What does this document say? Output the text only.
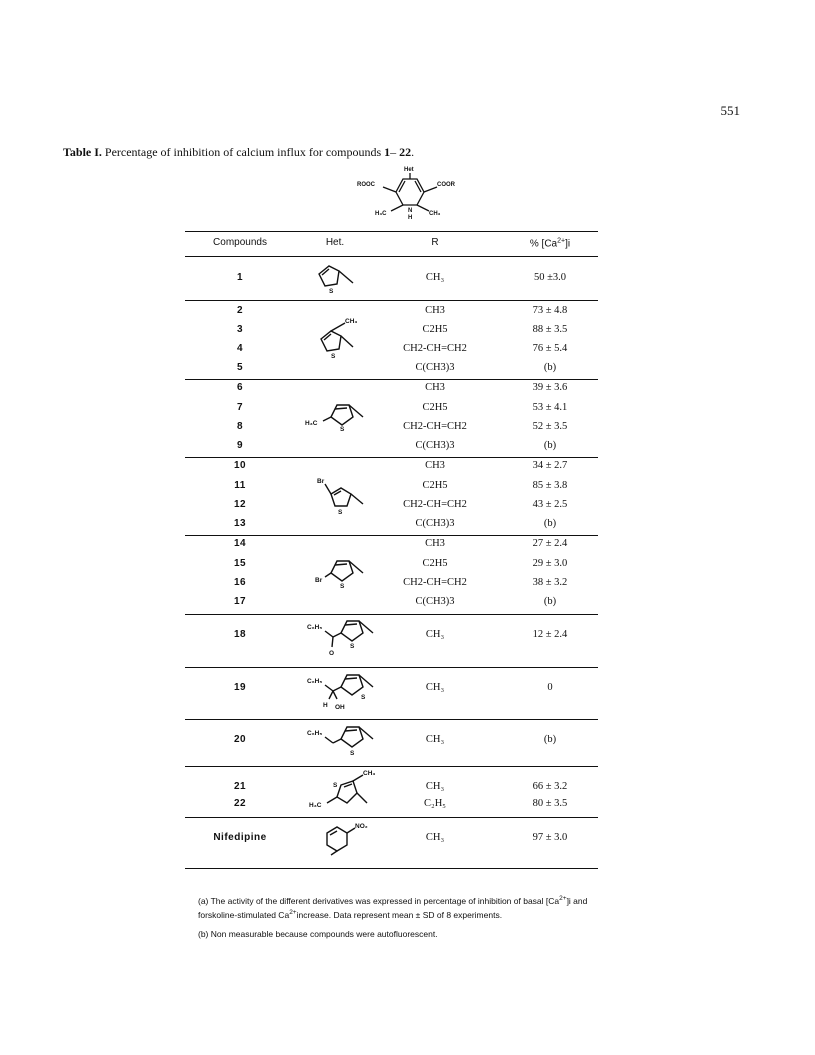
551
Table I. Percentage of inhibition of calcium influx for compounds 1– 22.
Het
ROOC	COOR
H₃C	N
H
CH₃
Compounds	Het.	R	% $[Ca^{2+}]i$
1	CH₃	50 ±3.0
S
2	CH3	73 ± 4.8
3	C2H5	88 ± 3.5
4	CH2-CH=CH2	76 ± 5.4
5	C(CH3)3	(b)
CH₃
S
6	CH3	39 ± 3.6
7	C2H5	53 ± 4.1
8	CH2-CH=CH2	52 ± 3.5
9	C(CH3)3	(b)
H₃C
S
10	CH3	34 ± 2.7
11	C2H5	85 ± 3.8
12	CH2-CH=CH2	43 ± 2.5
13	C(CH3)3	(b)
Br
S
14	CH3	27 ± 2.4
15	C2H5	29 ± 3.0
16	CH2-CH=CH2	38 ± 3.2
17	C(CH3)3	(b)
Br
S
18	CH₃	12 ± 2.4
C₆H₅
S
O
19	CH₃	0
C₆H₅
S
H OH
20	CH₃	(b)
C₆H₅
S
21	CH₃	66 ± 3.2
22	C₂H₅	80 ± 3.5
S
CH₃
H₃C
Nifedipine	CH₃	97 ± 3.0
NO₂

(a) The activity of the different derivatives was expressed in percentage of inhibition of basal $[Ca^{2+}]i$ and forskoline-stimulated $Ca^{2+}increase$. Data represent mean ± SD of 8 experiments.

(b) Non measurable because compounds were autofluorescent.
